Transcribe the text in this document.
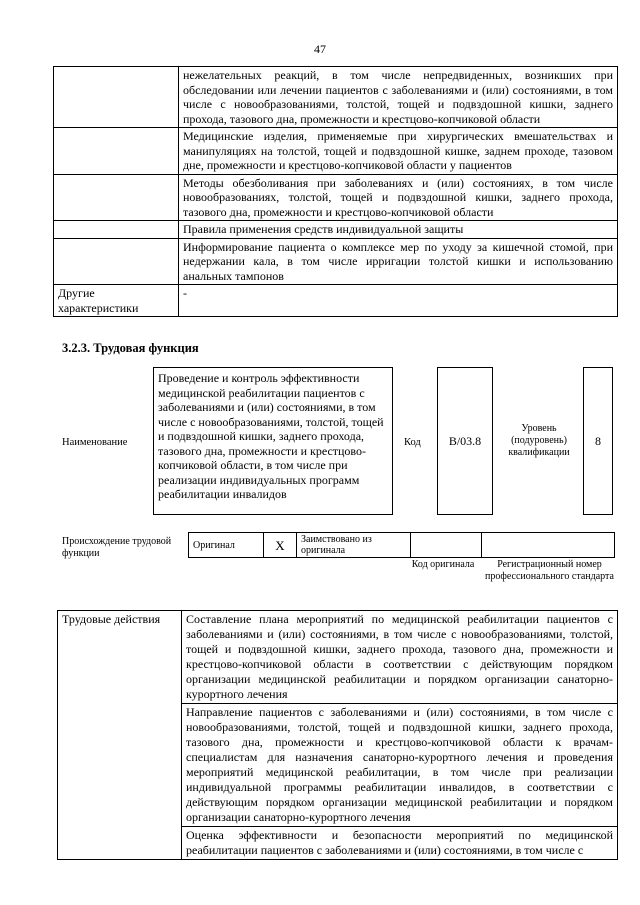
47
	нежелательных реакций, в том числе непредвиденных, возникших при обследовании или лечении пациентов с заболеваниями и (или) состояниями, в том числе с новообразованиями, толстой, тощей и подвздошной кишки, заднего прохода, тазового дна, промежности и крестцово-копчиковой области
	Медицинские изделия, применяемые при хирургических вмешательствах и манипуляциях на толстой, тощей и подвздошной кишке, заднем проходе, тазовом дне, промежности и крестцово-копчиковой области у пациентов
	Методы обезболивания при заболеваниях и (или) состояниях, в том числе новообразованиях, толстой, тощей и подвздошной кишки, заднего прохода, тазового дна, промежности и крестцово-копчиковой области
	Правила применения средств индивидуальной защиты
	Информирование пациента о комплексе мер по уходу за кишечной стомой, при недержании кала, в том числе ирригации толстой кишки и использованию анальных тампонов
Другие характеристики	-
3.2.3. Трудовая функция
Наименование
Проведение и контроль эффективности медицинской реабилитации пациентов с заболеваниями и (или) состояниями, в том числе с новообразованиями, толстой, тощей и подвздошной кишки, заднего прохода, тазового дна, промежности и крестцово-копчиковой области, в том числе при реализации индивидуальных программ реабилитации инвалидов
Код	B/03.8
Уровень (подуровень) квалификации
8
Происхождение трудовой функции
Оригинал	X	Заимствовано из оригинала		
Код оригинала	Регистрационный номер профессионального стандарта
Трудовые действия	Составление плана мероприятий по медицинской реабилитации пациентов с заболеваниями и (или) состояниями, в том числе с новообразованиями, толстой, тощей и подвздошной кишки, заднего прохода, тазового дна, промежности и крестцово-копчиковой области в соответствии с действующим порядком организации медицинской реабилитации и порядком организации санаторно-курортного лечения
Направление пациентов с заболеваниями и (или) состояниями, в том числе с новообразованиями, толстой, тощей и подвздошной кишки, заднего прохода, тазового дна, промежности и крестцово-копчиковой области к врачам-специалистам для назначения санаторно-курортного лечения и проведения мероприятий медицинской реабилитации, в том числе при реализации индивидуальной программы реабилитации инвалидов, в соответствии с действующим порядком организации медицинской реабилитации и порядком организации санаторно-курортного лечения
Оценка эффективности и безопасности мероприятий по медицинской реабилитации пациентов с заболеваниями и (или) состояниями, в том числе с
